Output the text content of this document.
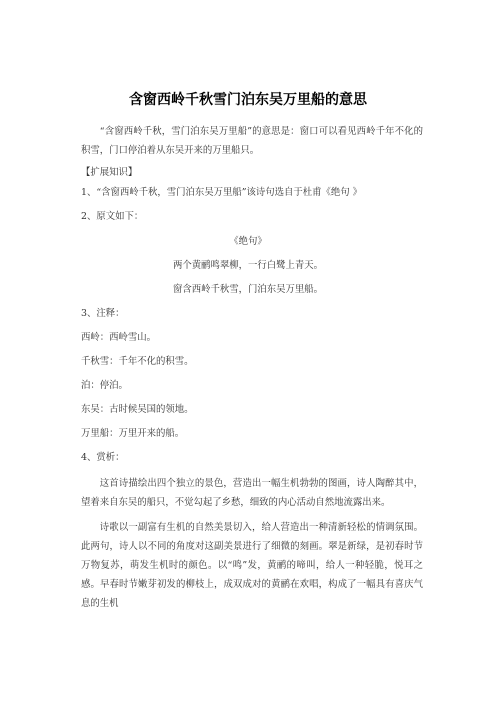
含窗西岭千秋雪门泊东吴万里船的意思

“含窗西岭千秋，雪门泊东吴万里船”的意思是：窗口可以看见西岭千年不化的积雪，门口停泊着从东吴开来的万里船只。

【扩展知识】

1、“含窗西岭千秋，雪门泊东吴万里船”该诗句选自于杜甫《绝句 》

2、原文如下：

《绝句》

两个黄鹂鸣翠柳，一行白鹭上青天。

窗含西岭千秋雪，门泊东吴万里船。

3、注释：

西岭：西岭雪山。

千秋雪：千年不化的积雪。

泊：停泊。

东吴：古时候吴国的领地。

万里船：万里开来的船。

4、赏析：

这首诗描绘出四个独立的景色，营造出一幅生机勃勃的图画，诗人陶醉其中，望着来自东吴的船只，不觉勾起了乡愁，细致的内心活动自然地流露出来。

诗歌以一副富有生机的自然美景切入，给人营造出一种清新轻松的情调氛围。此两句，诗人以不同的角度对这副美景进行了细微的刻画。翠是新绿，是初春时节万物复苏，萌发生机时的颜色。以“鸣”发，黄鹂的啼叫，给人一种轻脆，悦耳之感。早春时节嫩芽初发的柳枝上，成双成对的黄鹂在欢唱，构成了一幅具有喜庆气息的生机
